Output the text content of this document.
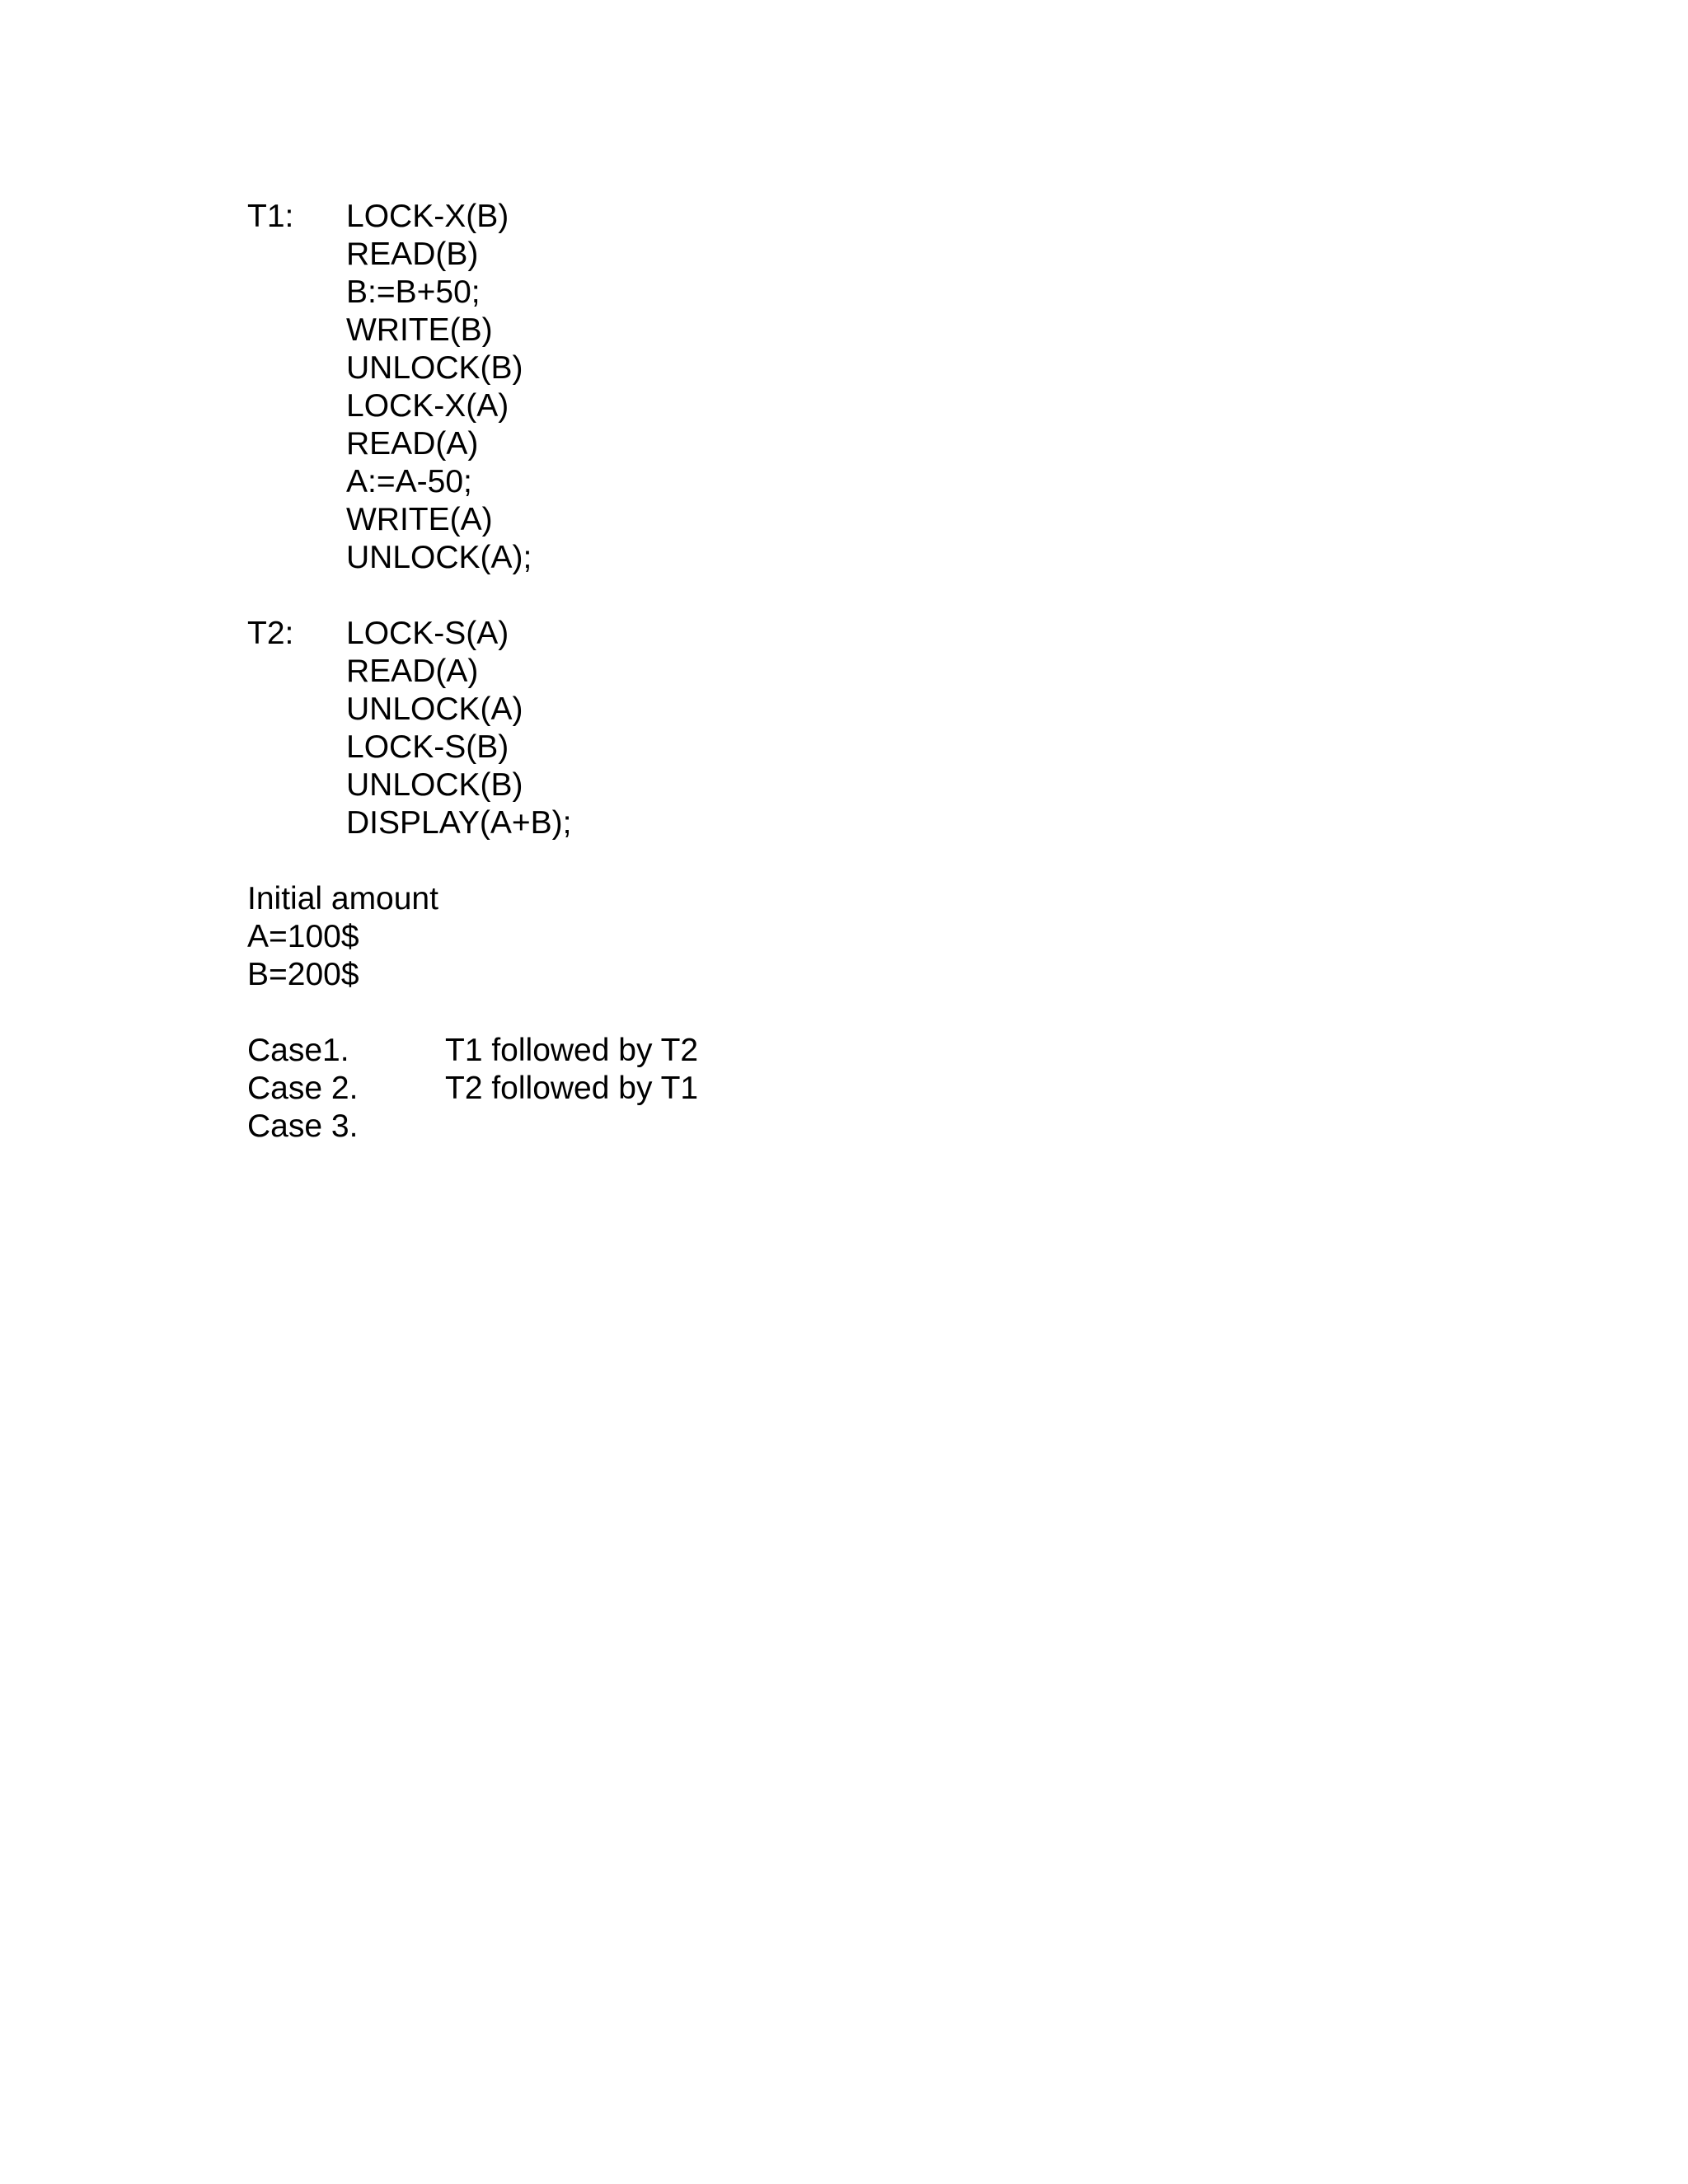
T1:	LOCK-X(B)
READ(B)
B:=B+50;
WRITE(B)
UNLOCK(B)
LOCK-X(A)
READ(A)
A:=A-50;
WRITE(A)
UNLOCK(A);
T2:	LOCK-S(A)
READ(A)
UNLOCK(A)
LOCK-S(B)
UNLOCK(B)
DISPLAY(A+B);
Initial amount
A=100$
B=200$
Case1.	T1 followed by T2
Case 2.	T2 followed by T1
Case 3.
